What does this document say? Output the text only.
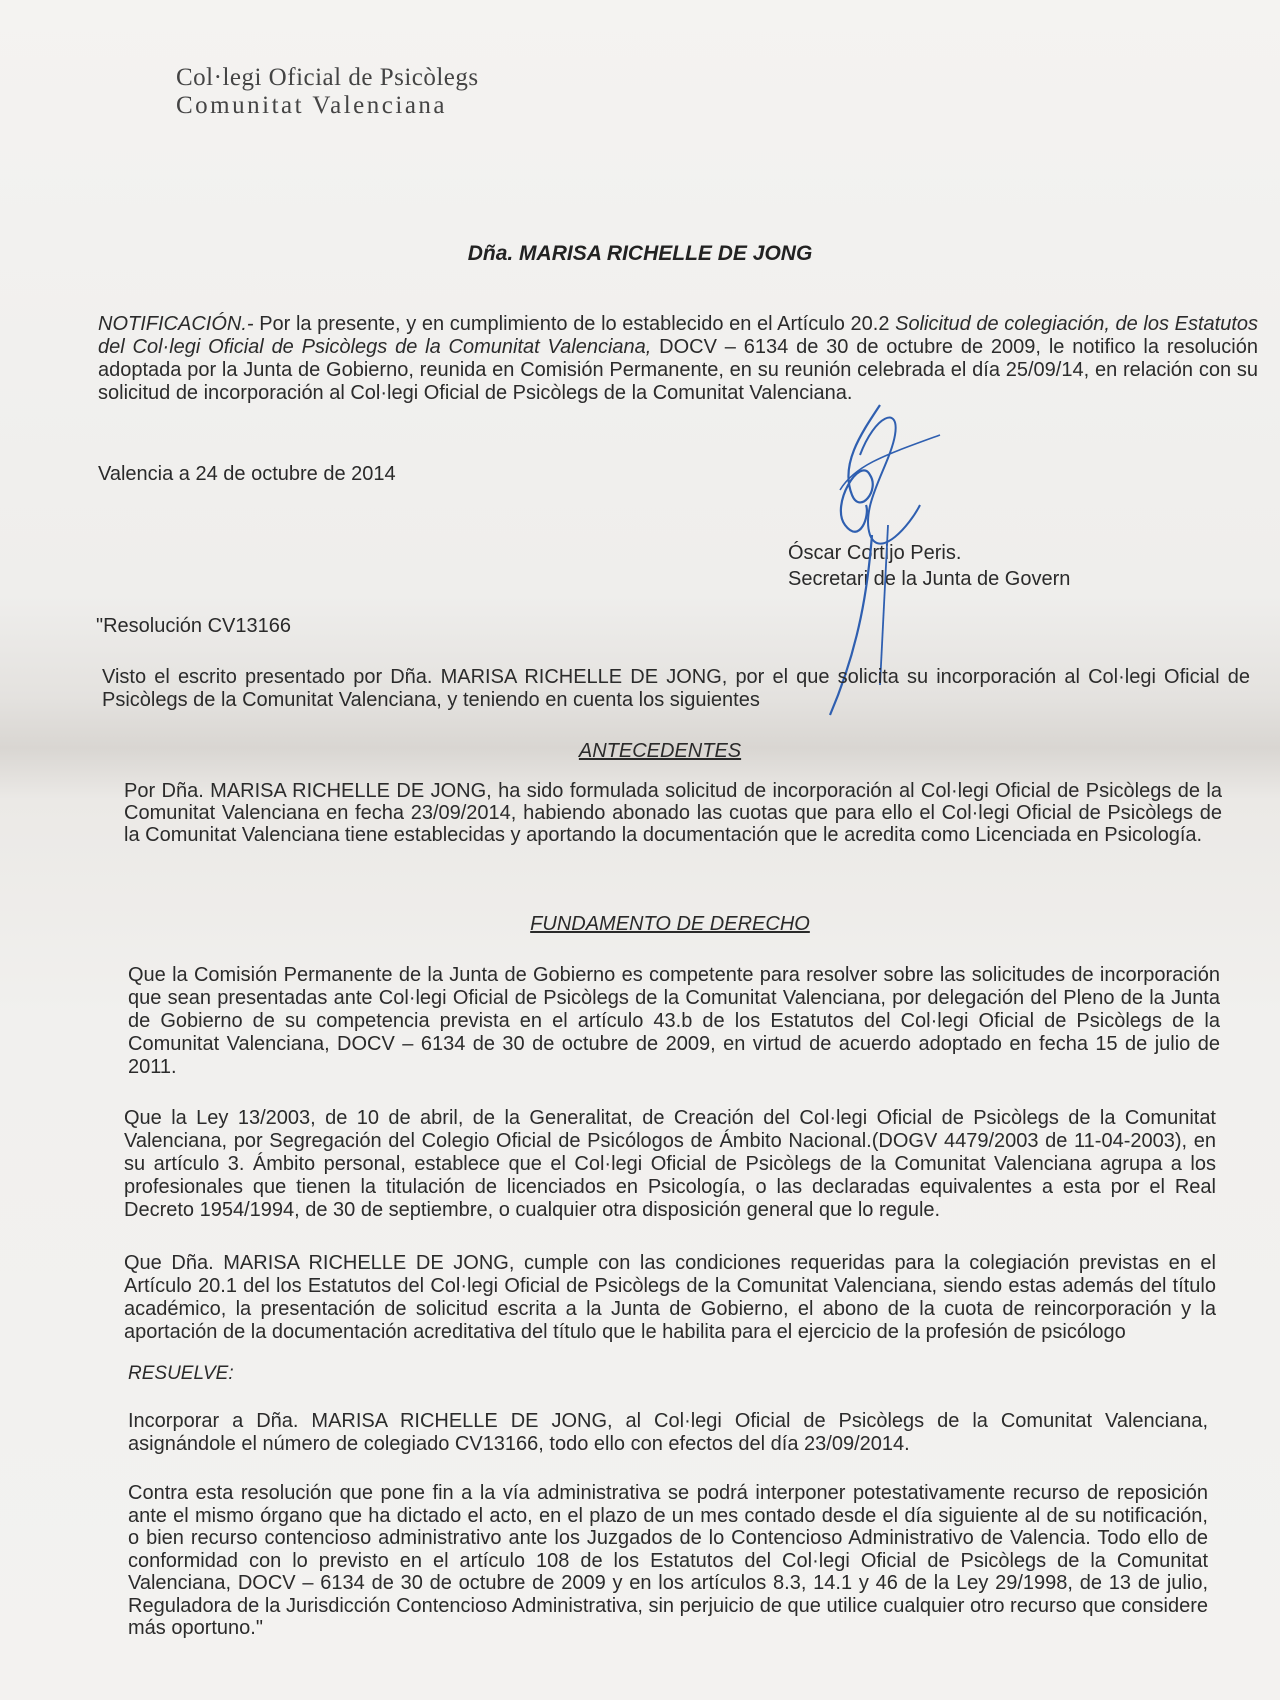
Col·legi Oficial de Psicòlegs
Comunitat Valenciana
Dña. MARISA RICHELLE DE JONG
NOTIFICACIÓN.- Por la presente, y en cumplimiento de lo establecido en el Artículo 20.2 Solicitud de colegiación, de los Estatutos del Col·legi Oficial de Psicòlegs de la Comunitat Valenciana, DOCV – 6134 de 30 de octubre de 2009, le notifico la resolución adoptada por la Junta de Gobierno, reunida en Comisión Permanente, en su reunión celebrada el día 25/09/14, en relación con su solicitud de incorporación al Col·legi Oficial de Psicòlegs de la Comunitat Valenciana.
Valencia a 24 de octubre de 2014
Óscar Cortijo Peris.
Secretari de la Junta de Govern
"Resolución CV13166
Visto el escrito presentado por Dña. MARISA RICHELLE DE JONG, por el que solicita su incorporación al Col·legi Oficial de Psicòlegs de la Comunitat Valenciana, y teniendo en cuenta los siguientes
ANTECEDENTES
Por Dña. MARISA RICHELLE DE JONG, ha sido formulada solicitud de incorporación al Col·legi Oficial de Psicòlegs de la Comunitat Valenciana en fecha 23/09/2014, habiendo abonado las cuotas que para ello el Col·legi Oficial de Psicòlegs de la Comunitat Valenciana tiene establecidas y aportando la documentación que le acredita como Licenciada en Psicología.
FUNDAMENTO DE DERECHO
Que la Comisión Permanente de la Junta de Gobierno es competente para resolver sobre las solicitudes de incorporación que sean presentadas ante Col·legi Oficial de Psicòlegs de la Comunitat Valenciana, por delegación del Pleno de la Junta de Gobierno de su competencia prevista en el artículo 43.b de los Estatutos del Col·legi Oficial de Psicòlegs de la Comunitat Valenciana, DOCV – 6134 de 30 de octubre de 2009, en virtud de acuerdo adoptado en fecha 15 de julio de 2011.
Que la Ley 13/2003, de 10 de abril, de la Generalitat, de Creación del Col·legi Oficial de Psicòlegs de la Comunitat Valenciana, por Segregación del Colegio Oficial de Psicólogos de Ámbito Nacional.(DOGV 4479/2003 de 11-04-2003), en su artículo 3. Ámbito personal, establece que el Col·legi Oficial de Psicòlegs de la Comunitat Valenciana agrupa a los profesionales que tienen la titulación de licenciados en Psicología, o las declaradas equivalentes a esta por el Real Decreto 1954/1994, de 30 de septiembre, o cualquier otra disposición general que lo regule.
Que Dña. MARISA RICHELLE DE JONG, cumple con las condiciones requeridas para la colegiación previstas en el Artículo 20.1 del los Estatutos del Col·legi Oficial de Psicòlegs de la Comunitat Valenciana, siendo estas además del título académico, la presentación de solicitud escrita a la Junta de Gobierno, el abono de la cuota de reincorporación y la aportación de la documentación acreditativa del título que le habilita para el ejercicio de la profesión de psicólogo
RESUELVE:
Incorporar a Dña. MARISA RICHELLE DE JONG, al Col·legi Oficial de Psicòlegs de la Comunitat Valenciana, asignándole el número de colegiado CV13166, todo ello con efectos del día 23/09/2014.
Contra esta resolución que pone fin a la vía administrativa se podrá interponer potestativamente recurso de reposición ante el mismo órgano que ha dictado el acto, en el plazo de un mes contado desde el día siguiente al de su notificación, o bien recurso contencioso administrativo ante los Juzgados de lo Contencioso Administrativo de Valencia. Todo ello de conformidad con lo previsto en el artículo 108 de los Estatutos del Col·legi Oficial de Psicòlegs de la Comunitat Valenciana, DOCV – 6134 de 30 de octubre de 2009 y en los artículos 8.3, 14.1 y 46 de la Ley 29/1998, de 13 de julio, Reguladora de la Jurisdicción Contencioso Administrativa, sin perjuicio de que utilice cualquier otro recurso que considere más oportuno."
